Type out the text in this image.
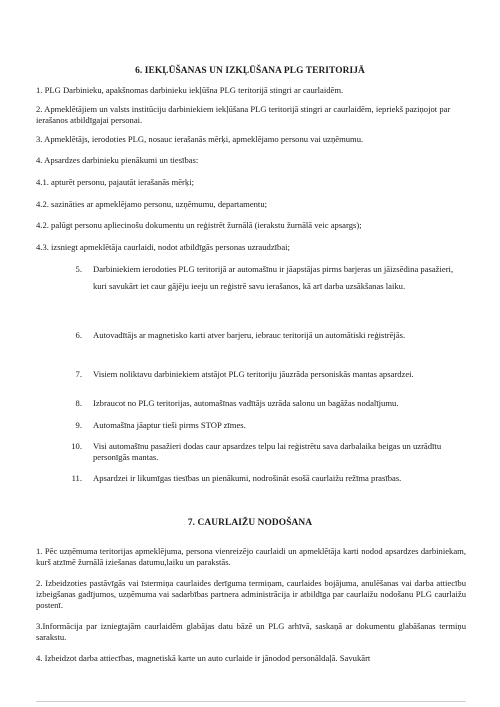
6. IEKĻŪŠANAS UN IZKĻŪŠANA PLG TERITORIJĀ
1. PLG Darbinieku, apakšnomas darbinieku iekļūšna PLG teritorijā stingri ar caurlaidēm.
2. Apmeklētājiem un valsts institūciju darbiniekiem iekļūšana PLG teritorijā stingri ar caurlaidēm, iepriekš paziņojot par ierašanos atbildīgajai personai.
3. Apmeklētājs, ierodoties PLG, nosauc ierašanās mērķi, apmeklējamo personu vai uzņēmumu.
4. Apsardzes darbinieku pienākumi un tiesības:
4.1. apturēt personu, pajautāt ierašanās mērķi;
4.2. sazināties ar apmeklējamo personu, uzņēmumu, departamentu;
4.2. palūgt personu apliecinošu dokumentu un reģistrēt žurnālā (ierakstu žurnālā veic apsargs);
4.3. izsniegt apmeklētāja caurlaidi, nodot atbildīgās personas uzraudzībai;
5. Darbiniekiem ierodoties PLG teritorijā ar automašīnu ir jāapstājas pirms barjeras un jāizsēdina pasažieri, kuri savukārt iet caur gājēju ieeju un reģistrē savu ierašanos, kā arī darba uzsākšanas laiku.
6. Autovadītājs ar magnetisko karti atver barjeru, iebrauc teritorijā un automātiski reģistrējās.
7. Visiem noliktavu darbiniekiem atstājot PLG teritoriju jāuzrāda personiskās mantas apsardzei.
8. Izbraucot no PLG teritorijas, automašīnas vadītājs uzrāda salonu un bagāžas nodalījumu.
9. Automašīna jāaptur tieši pirms STOP zīmes.
10. Visi automašīnu pasažieri dodas caur apsardzes telpu lai reģistrētu sava darbalaika beigas un uzrādītu personīgās mantas.
11. Apsardzei ir likumīgas tiesības un pienākumi, nodrošināt esošā caurlaižu režīma prasības.
7. CAURLAIŽU NODOŠANA
1. Pēc uzņēmuma teritorijas apmeklējuma, persona vienreizējo caurlaidi un apmeklētāja karti nodod apsardzes darbiniekam, kurš atzīmē žurnālā iziešanas datumu,laiku un parakstās.
2. Izbeidzoties pastāvīgās vai īstermiņa caurlaides derīguma termiņam, caurlaides bojājuma, anulēšanas vai darba attiecību izbeigšanas gadījumos, uzņēmuma vai sadarbības partnera administrācija ir atbildīga par caurlaižu nodošanu PLG caurlaižu postenī.
3.Informācija par izniegtajām caurlaidēm glabājas datu bāzē un PLG arhīvā, saskaņā ar dokumentu glabāšanas termiņu sarakstu.
4. Izbeidzot darba attiecības, magnetiskā karte un auto curlaide ir jānodod personāldaļā. Savukārt
